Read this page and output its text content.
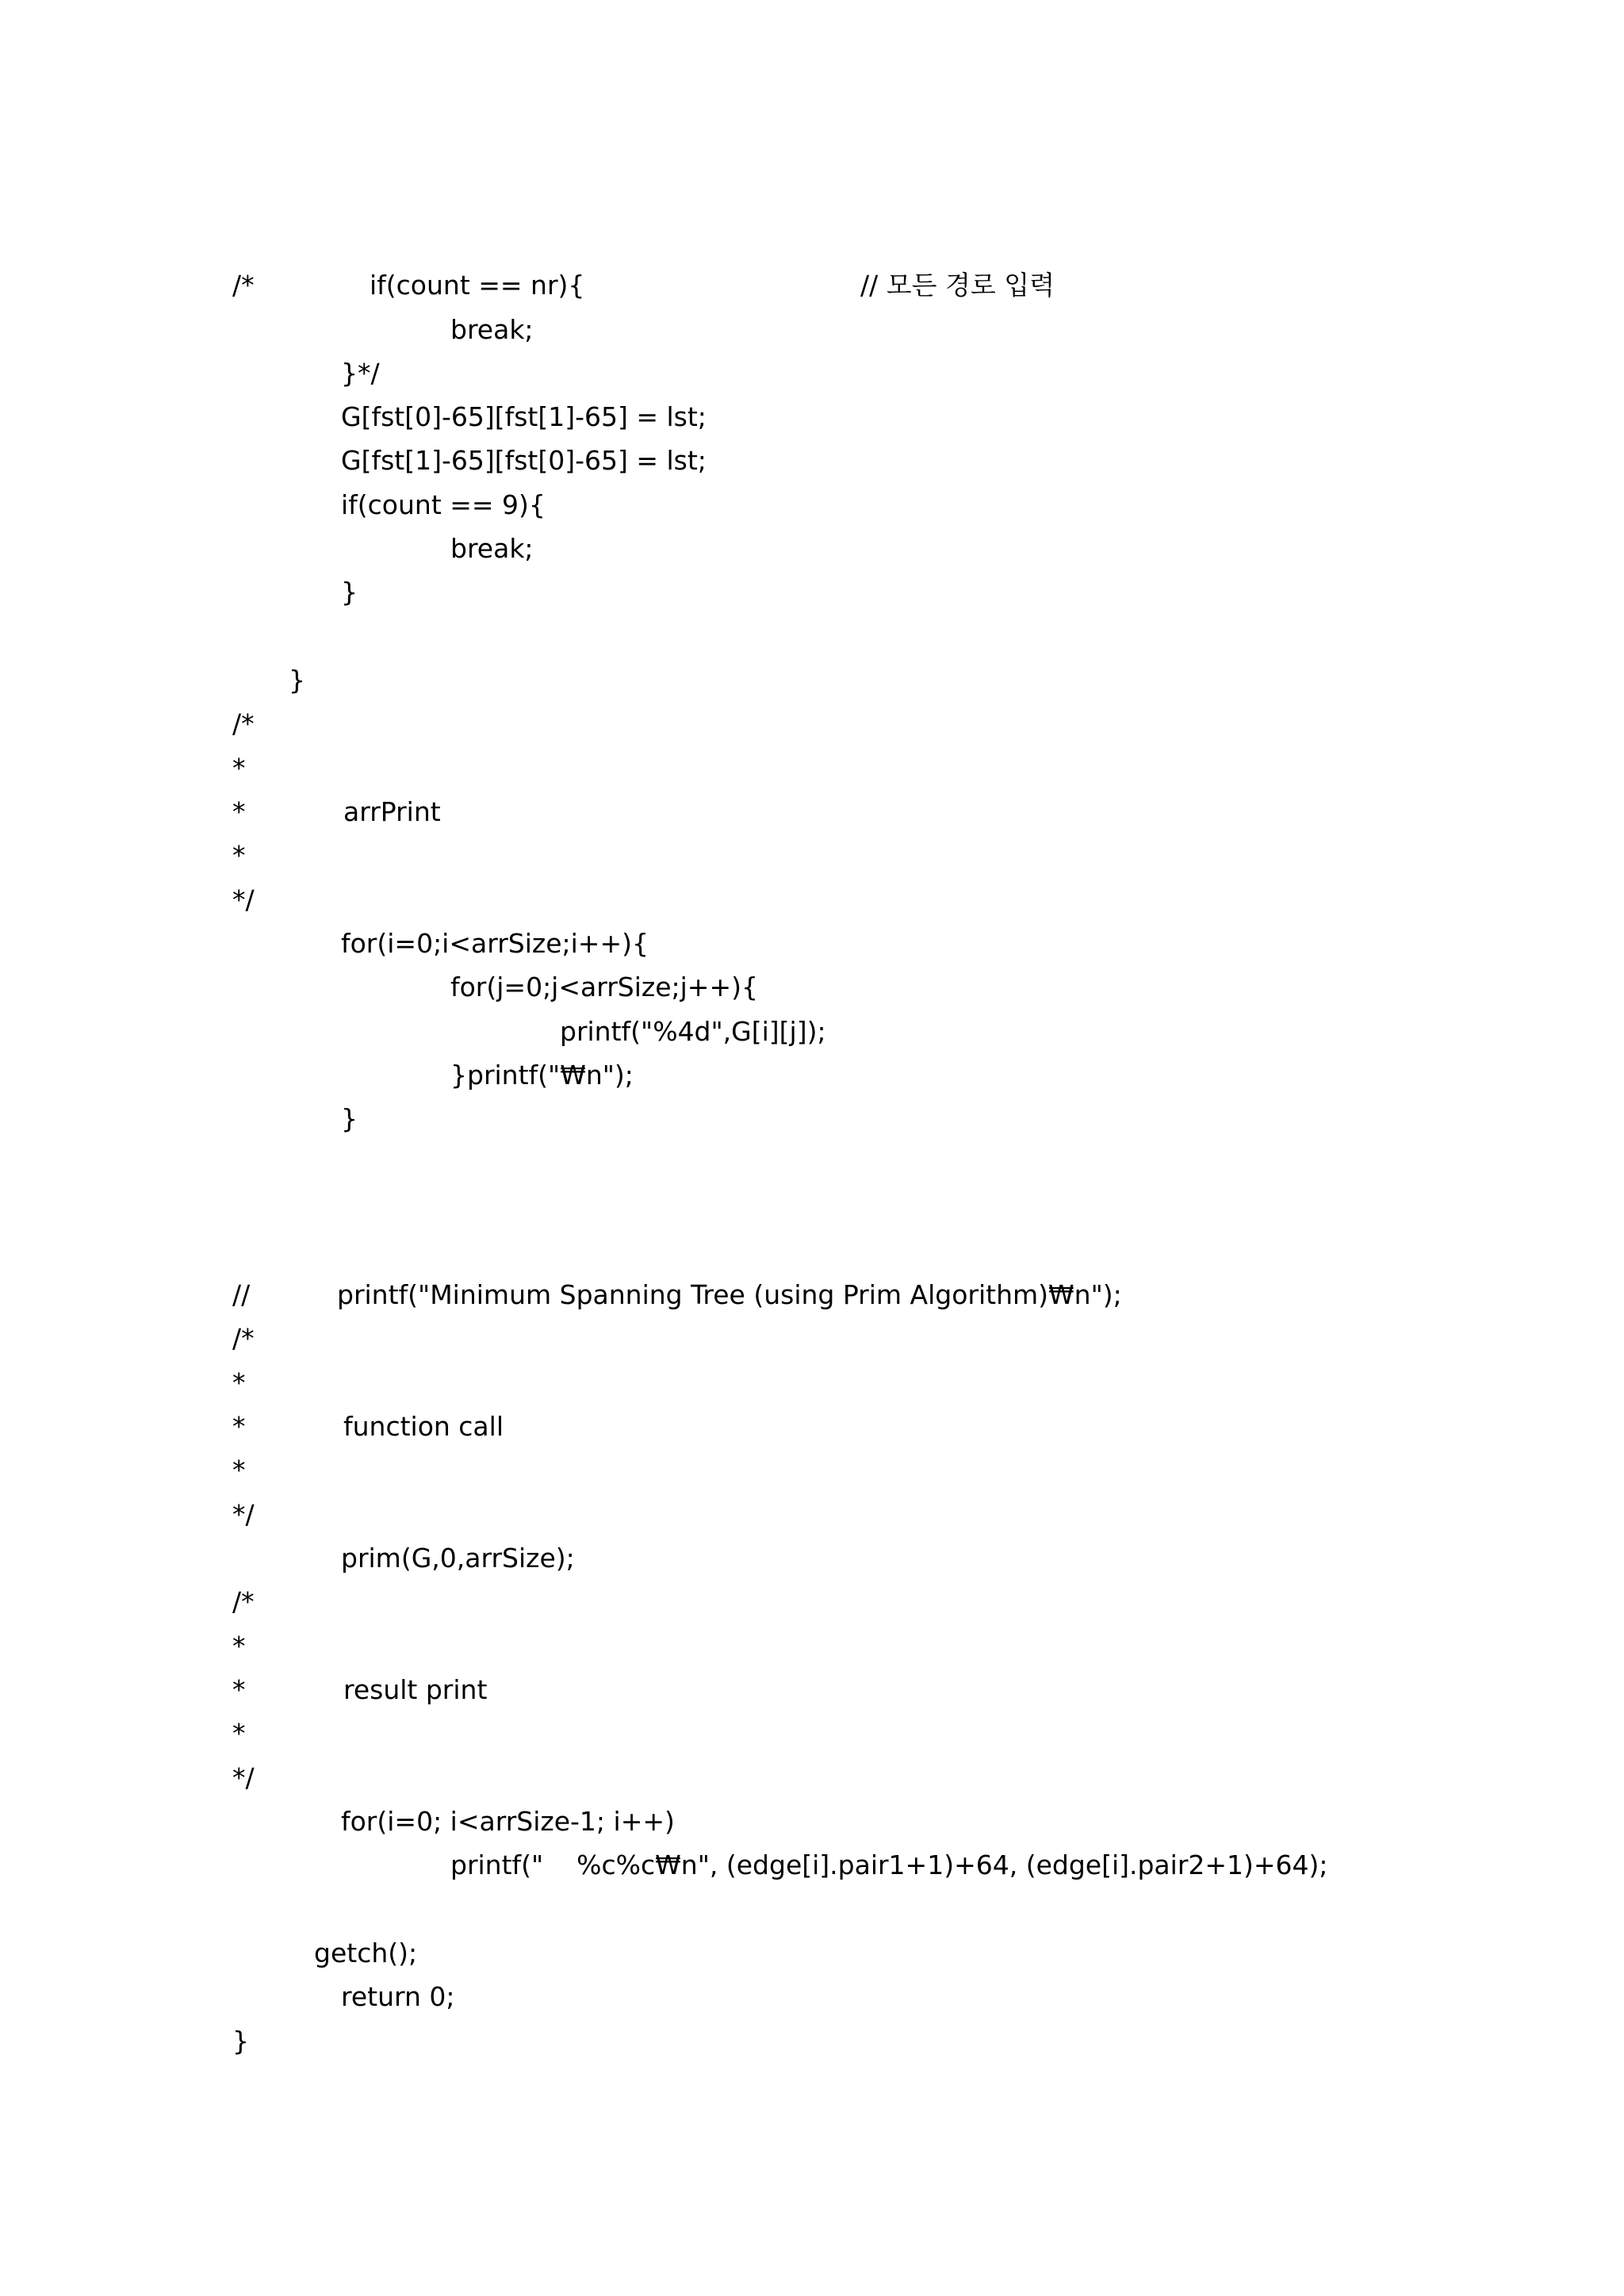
/*

	if(count == nr){

	// 모든 경로 입력

break;

}*/

G[fst[0]-65][fst[1]-65] = lst;

G[fst[1]-65][fst[0]-65] = lst;

if(count == 9){

break;

}

}

/*

*

*

	arrPrint

*

*/

for(i=0;i<arrSize;i++){

for(j=0;j<arrSize;j++){

printf("%4d",G[i][j]);

}printf("₩n");

}

//

	printf("Minimum Spanning Tree (using Prim Algorithm)₩n");

/*

*

*

	function call

*

*/

prim(G,0,arrSize);

/*

*

*

	result print

*

*/

for(i=0; i<arrSize-1; i++)

printf("    %c%c₩n", (edge[i].pair1+1)+64, (edge[i].pair2+1)+64);

getch();

return 0;

}
